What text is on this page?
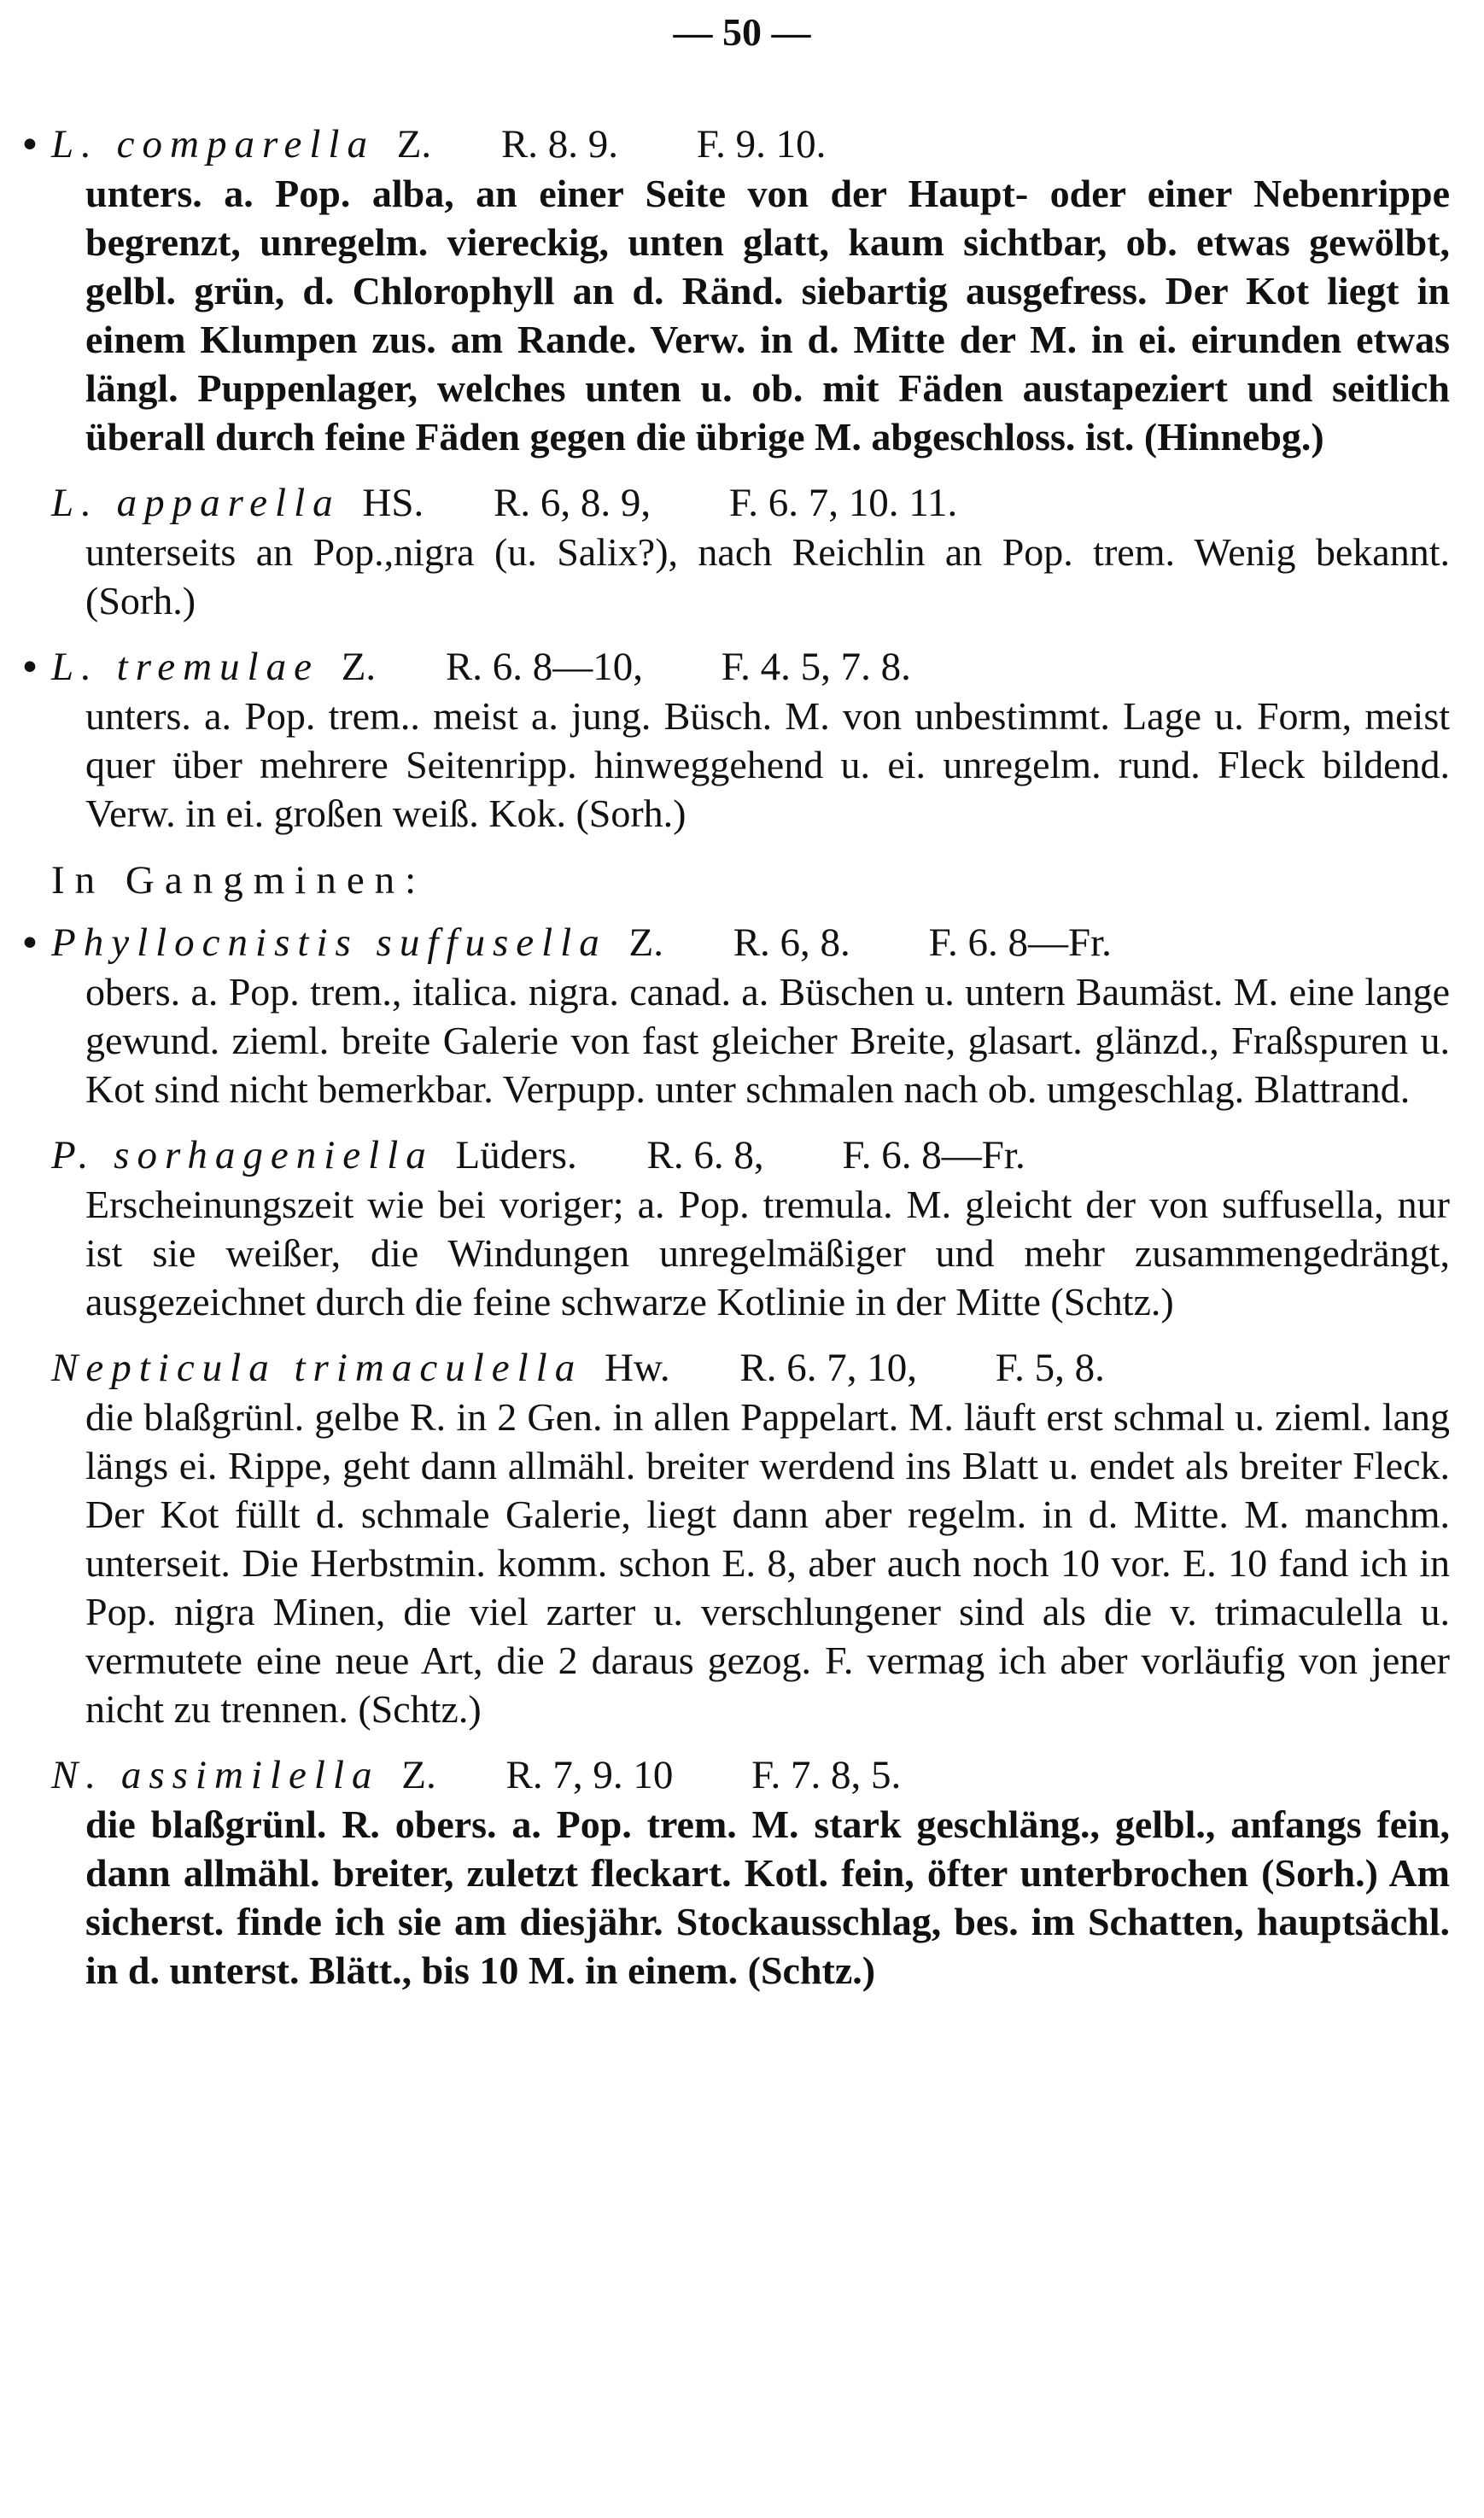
— 50 —
• L. comparella Z. R. 8. 9. F. 9. 10.
unters. a. Pop. alba, an einer Seite von der Haupt- oder einer Nebenrippe begrenzt, unregelm. viereckig, unten glatt, kaum sichtbar, ob. etwas gewölbt, gelbl. grün, d. Chlorophyll an d. Ränd. siebartig ausgefress. Der Kot liegt in einem Klumpen zus. am Rande. Verw. in d. Mitte der M. in ei. eirunden etwas längl. Puppenlager, welches unten u. ob. mit Fäden austapeziert und seitlich überall durch feine Fäden gegen die übrige M. abgeschloss. ist. (Hinnebg.)
L. apparella HS. R. 6, 8. 9, F. 6. 7, 10. 11.
unterseits an Pop.,nigra (u. Salix?), nach Reichlin an Pop. trem. Wenig bekannt. (Sorh.)
• L. tremulae Z. R. 6. 8—10, F. 4. 5, 7. 8.
unters. a. Pop. trem.. meist a. jung. Büsch. M. von unbestimmt. Lage u. Form, meist quer über mehrere Seitenripp. hinweggehend u. ei. unregelm. rund. Fleck bildend. Verw. in ei. großen weiß. Kok. (Sorh.)
In Gangminen:
• Phyllocnistis suffusella Z. R. 6, 8. F. 6. 8—Fr.
obers. a. Pop. trem., italica. nigra. canad. a. Büschen u. untern Baumäst. M. eine lange gewund. zieml. breite Galerie von fast gleicher Breite, glasart. glänzd., Fraßspuren u. Kot sind nicht bemerkbar. Verpupp. unter schmalen nach ob. umgeschlag. Blattrand.
P. sorhageniella Lüders. R. 6. 8, F. 6. 8—Fr.
Erscheinungszeit wie bei voriger; a. Pop. tremula. M. gleicht der von suffusella, nur ist sie weißer, die Windungen unregelmäßiger und mehr zusammengedrängt, ausgezeichnet durch die feine schwarze Kotlinie in der Mitte (Schtz.)
Nepticula trimaculella Hw. R. 6. 7, 10, F. 5, 8.
die blaßgrünl. gelbe R. in 2 Gen. in allen Pappelart. M. läuft erst schmal u. zieml. lang längs ei. Rippe, geht dann allmähl. breiter werdend ins Blatt u. endet als breiter Fleck. Der Kot füllt d. schmale Galerie, liegt dann aber regelm. in d. Mitte. M. manchm. unterseit. Die Herbstmin. komm. schon E. 8, aber auch noch 10 vor. E. 10 fand ich in Pop. nigra Minen, die viel zarter u. verschlungener sind als die v. trimaculella u. vermutete eine neue Art, die 2 daraus gezog. F. vermag ich aber vorläufig von jener nicht zu trennen. (Schtz.)
N. assimilella Z. R. 7, 9. 10 F. 7. 8, 5.
die blaßgrünl. R. obers. a. Pop. trem. M. stark geschläng., gelbl., anfangs fein, dann allmähl. breiter, zuletzt fleckart. Kotl. fein, öfter unterbrochen (Sorh.) Am sicherst. finde ich sie am diesjähr. Stockausschlag, bes. im Schatten, hauptsächl. in d. unterst. Blätt., bis 10 M. in einem. (Schtz.)
